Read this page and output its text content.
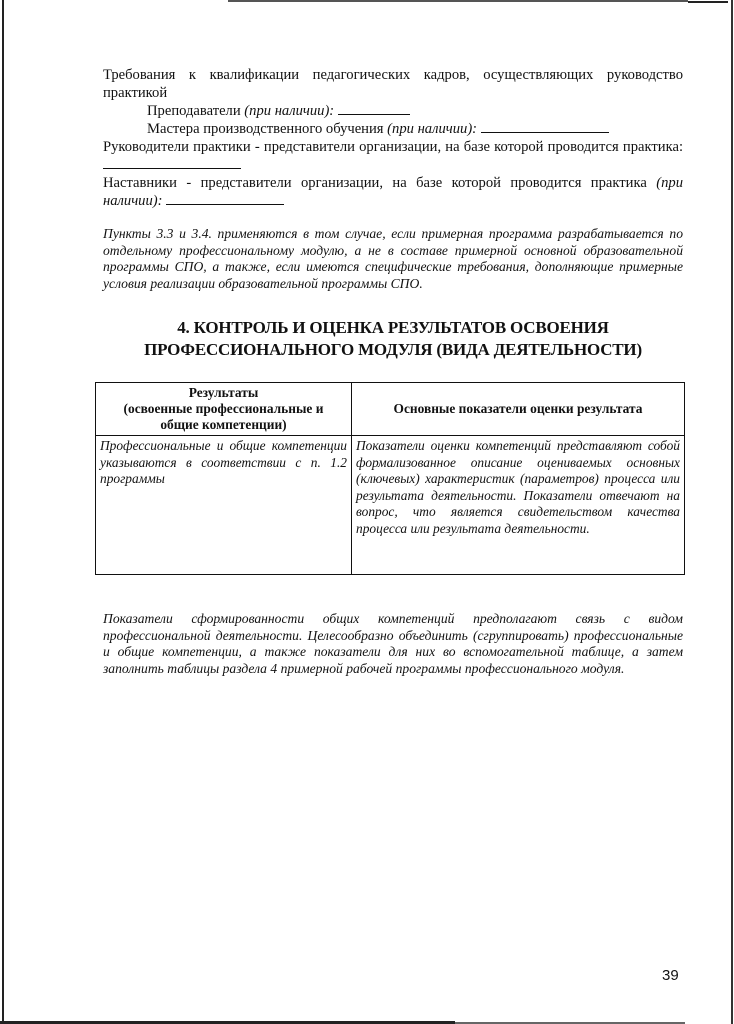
Требования к квалификации педагогических кадров, осуществляющих руководство практикой

Преподаватели (при наличии):

Мастера производственного обучения (при наличии):

Руководители практики - представители организации, на базе которой проводится практика:

Наставники - представители организации, на базе которой проводится практика (при наличии):

Пункты 3.3 и 3.4. применяются в том случае, если примерная программа разрабатывается по отдельному профессиональному модулю, а не в составе примерной основной образовательной программы СПО, а также, если имеются специфические требования, дополняющие примерные условия реализации образовательной программы СПО.

4. КОНТРОЛЬ И ОЦЕНКА РЕЗУЛЬТАТОВ ОСВОЕНИЯ
ПРОФЕССИОНАЛЬНОГО МОДУЛЯ (ВИДА ДЕЯТЕЛЬНОСТИ)
Результаты
(освоенные профессиональные и
общие компетенции)	Основные показатели оценки результата
Профессиональные и общие компетенции указываются в соответствии с п. 1.2 программы	Показатели оценки компетенций представляют собой формализованное описание оцениваемых основных (ключевых) характеристик (параметров) процесса или результата деятельности. Показатели отвечают на вопрос, что является свидетельством качества процесса или результата деятельности.

Показатели сформированности общих компетенций предполагают связь с видом профессиональной деятельности. Целесообразно объединить (сгруппировать) профессиональные и общие компетенции, а также показатели для них во вспомогательной таблице, а затем заполнить таблицы раздела 4 примерной рабочей программы профессионального модуля.

39
